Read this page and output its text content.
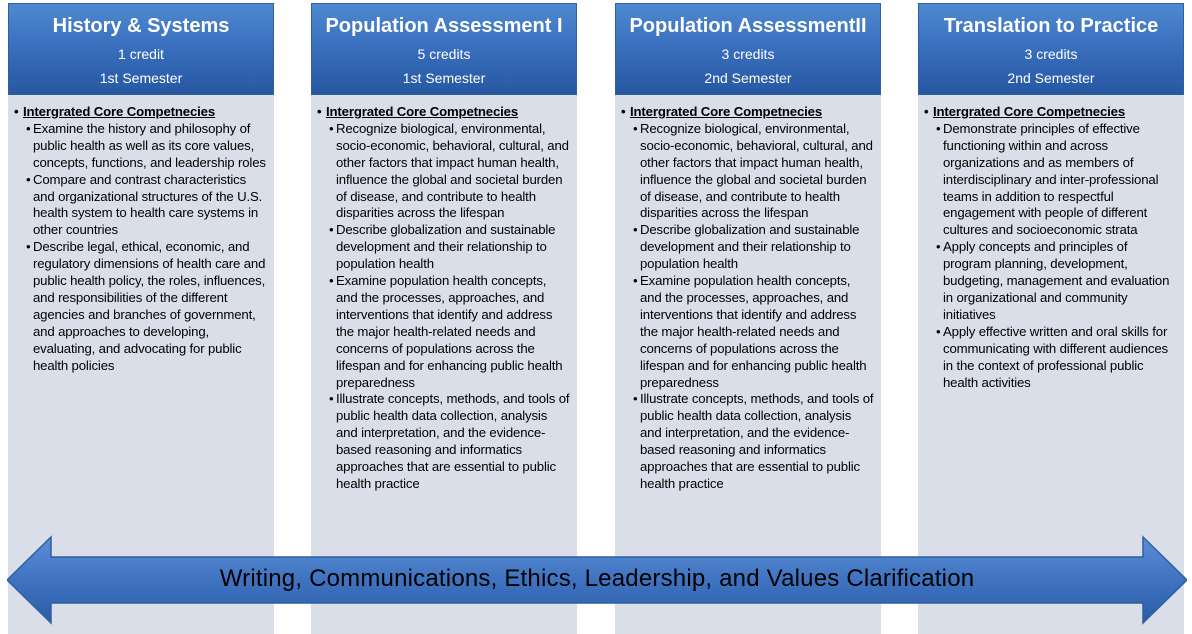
History & Systems
1 credit
1st Semester
• Intergrated Core Competnecies
• Examine the history and philosophy of public health as well as its core values, concepts, functions, and leadership roles
• Compare and contrast characteristics and organizational structures of the U.S. health system to health care systems in other countries
• Describe legal, ethical, economic, and regulatory dimensions of health care and public health policy, the roles, influences, and responsibilities of the different agencies and branches of government, and approaches to developing, evaluating, and advocating for public health policies
Population Assessment I
5 credits
1st Semester
• Intergrated Core Competnecies
• Recognize biological, environmental, socio-economic, behavioral, cultural, and other factors that impact human health, influence the global and societal burden of disease, and contribute to health disparities across the lifespan
• Describe globalization and sustainable development and their relationship to population health
• Examine population health concepts, and the processes, approaches, and interventions that identify and address the major health-related needs and concerns of populations across the lifespan and for enhancing public health preparedness
• Illustrate concepts, methods, and tools of public health data collection, analysis and interpretation, and the evidence-based reasoning and informatics approaches that are essential to public health practice
Population AssessmentII
3 credits
2nd Semester
• Intergrated Core Competnecies
• Recognize biological, environmental, socio-economic, behavioral, cultural, and other factors that impact human health, influence the global and societal burden of disease, and contribute to health disparities across the lifespan
• Describe globalization and sustainable development and their relationship to population health
• Examine population health concepts, and the processes, approaches, and interventions that identify and address the major health-related needs and concerns of populations across the lifespan and for enhancing public health preparedness
• Illustrate concepts, methods, and tools of public health data collection, analysis and interpretation, and the evidence-based reasoning and informatics approaches that are essential to public health practice
Translation to Practice
3 credits
2nd Semester
• Intergrated Core Competnecies
• Demonstrate principles of effective functioning within and across organizations and as members of interdisciplinary and inter-professional teams in addition to respectful engagement with people of different cultures and socioeconomic strata
• Apply concepts and principles of program planning, development, budgeting, management and evaluation in organizational and community initiatives
• Apply effective written and oral skills for communicating with different audiences in the context of professional public health activities
Writing, Communications, Ethics, Leadership, and Values Clarification
